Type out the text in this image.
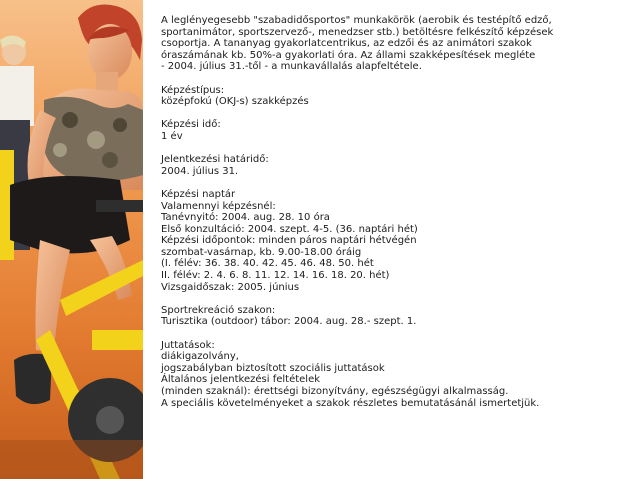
A leglényegesebb "szabadidősportos" munkakörök (aerobik és testépítő edző,
sportanimátor, sportszervező-, menedzser stb.) betöltésre felkészítő képzések
csoportja. A tananyag gyakorlatcentrikus, az edzői és az animátori szakok
óraszámának kb. 50%-a gyakorlati óra. Az állami szakképesítések megléte
- 2004. július 31.-től - a munkavállalás alapfeltétele.
Képzéstípus:
középfokú (OKJ-s) szakképzés
Képzési idő:
1 év
Jelentkezési határidő:
2004. július 31.
Képzési naptár
Valamennyi képzésnél:
Tanévnyitó: 2004. aug. 28. 10 óra
Első konzultáció: 2004. szept. 4-5. (36. naptári hét)
Képzési időpontok: minden páros naptári hétvégén
szombat-vasárnap, kb. 9.00-18.00 óráig
(I. félév: 36. 38. 40. 42. 45. 46. 48. 50. hét
II. félév: 2. 4. 6. 8. 11. 12. 14. 16. 18. 20. hét)
Vizsgaidőszak: 2005. június
Sportrekreáció szakon:
Turisztika (outdoor) tábor: 2004. aug. 28.- szept. 1.
Juttatások:
diákigazolvány,
jogszabályban biztosított szociális juttatások
Általános jelentkezési feltételek
(minden szaknál): érettségi bizonyítvány, egészségügyi alkalmasság.
A speciális követelményeket a szakok részletes bemutatásánál ismertetjük.
